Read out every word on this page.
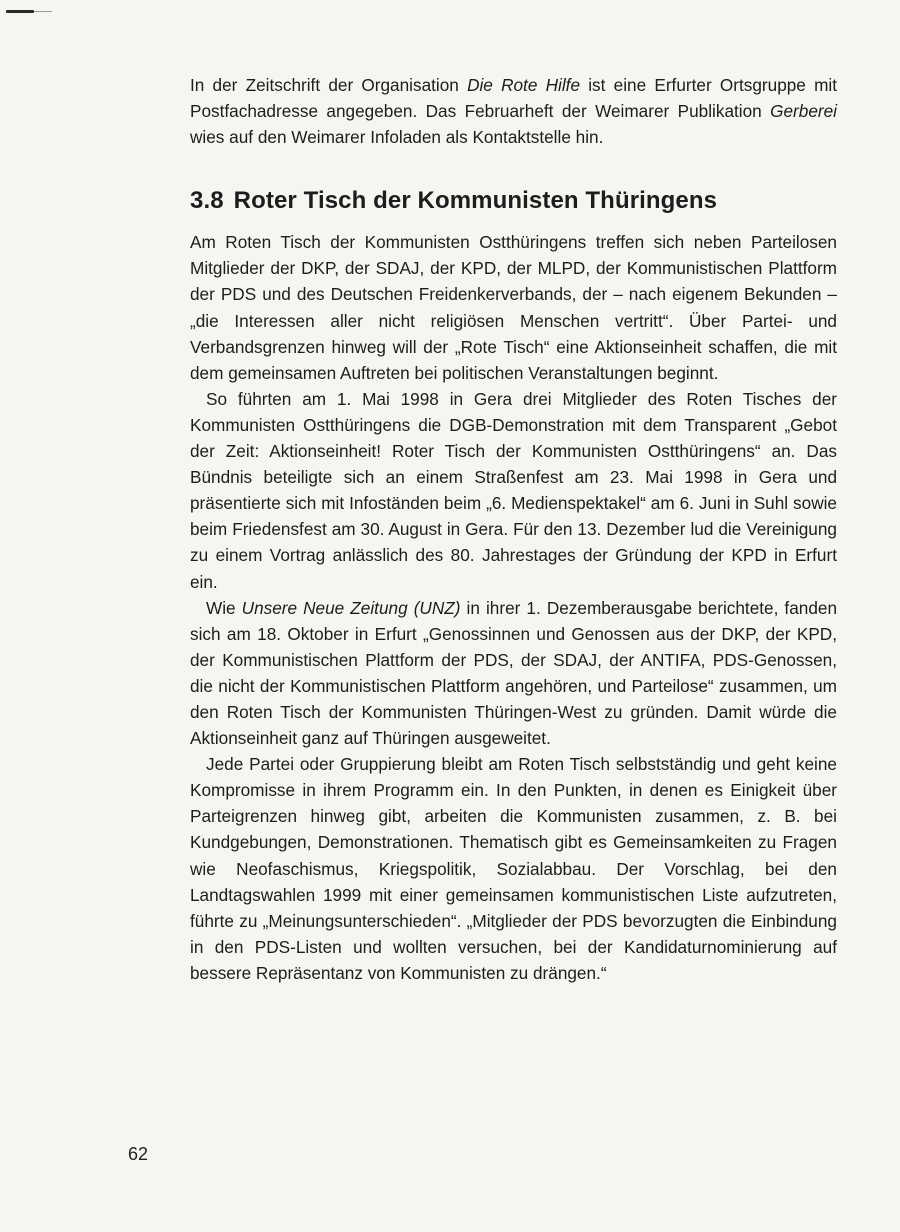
In der Zeitschrift der Organisation Die Rote Hilfe ist eine Erfurter Ortsgruppe mit Postfachadresse angegeben. Das Februarheft der Weimarer Publikation Gerberei wies auf den Weimarer Infoladen als Kontaktstelle hin.

3.8 Roter Tisch der Kommunisten Thüringens

Am Roten Tisch der Kommunisten Ostthüringens treffen sich neben Parteilosen Mitglieder der DKP, der SDAJ, der KPD, der MLPD, der Kommunistischen Plattform der PDS und des Deutschen Freidenkerverbands, der – nach eigenem Bekunden – „die Interessen aller nicht religiösen Menschen vertritt“. Über Partei- und Verbandsgrenzen hinweg will der „Rote Tisch“ eine Aktionseinheit schaffen, die mit dem gemeinsamen Auftreten bei politischen Veranstaltungen beginnt.

So führten am 1. Mai 1998 in Gera drei Mitglieder des Roten Tisches der Kommunisten Ostthüringens die DGB-Demonstration mit dem Transparent „Gebot der Zeit: Aktionseinheit! Roter Tisch der Kommunisten Ostthüringens“ an. Das Bündnis beteiligte sich an einem Straßenfest am 23. Mai 1998 in Gera und präsentierte sich mit Infoständen beim „6. Medienspektakel“ am 6. Juni in Suhl sowie beim Friedensfest am 30. August in Gera. Für den 13. Dezember lud die Vereinigung zu einem Vortrag anlässlich des 80. Jahrestages der Gründung der KPD in Erfurt ein.

Wie Unsere Neue Zeitung (UNZ) in ihrer 1. Dezemberausgabe berichtete, fanden sich am 18. Oktober in Erfurt „Genossinnen und Genossen aus der DKP, der KPD, der Kommunistischen Plattform der PDS, der SDAJ, der ANTIFA, PDS-Genossen, die nicht der Kommunistischen Plattform angehören, und Parteilose“ zusammen, um den Roten Tisch der Kommunisten Thüringen-West zu gründen. Damit würde die Aktionseinheit ganz auf Thüringen ausgeweitet.

Jede Partei oder Gruppierung bleibt am Roten Tisch selbstständig und geht keine Kompromisse in ihrem Programm ein. In den Punkten, in denen es Einigkeit über Parteigrenzen hinweg gibt, arbeiten die Kommunisten zusammen, z. B. bei Kundgebungen, Demonstrationen. Thematisch gibt es Gemeinsamkeiten zu Fragen wie Neofaschismus, Kriegspolitik, Sozialabbau. Der Vorschlag, bei den Landtagswahlen 1999 mit einer gemeinsamen kommunistischen Liste aufzutreten, führte zu „Meinungsunterschieden“. „Mitglieder der PDS bevorzugten die Einbindung in den PDS-Listen und wollten versuchen, bei der Kandidaturnominierung auf bessere Repräsentanz von Kommunisten zu drängen.“

62
